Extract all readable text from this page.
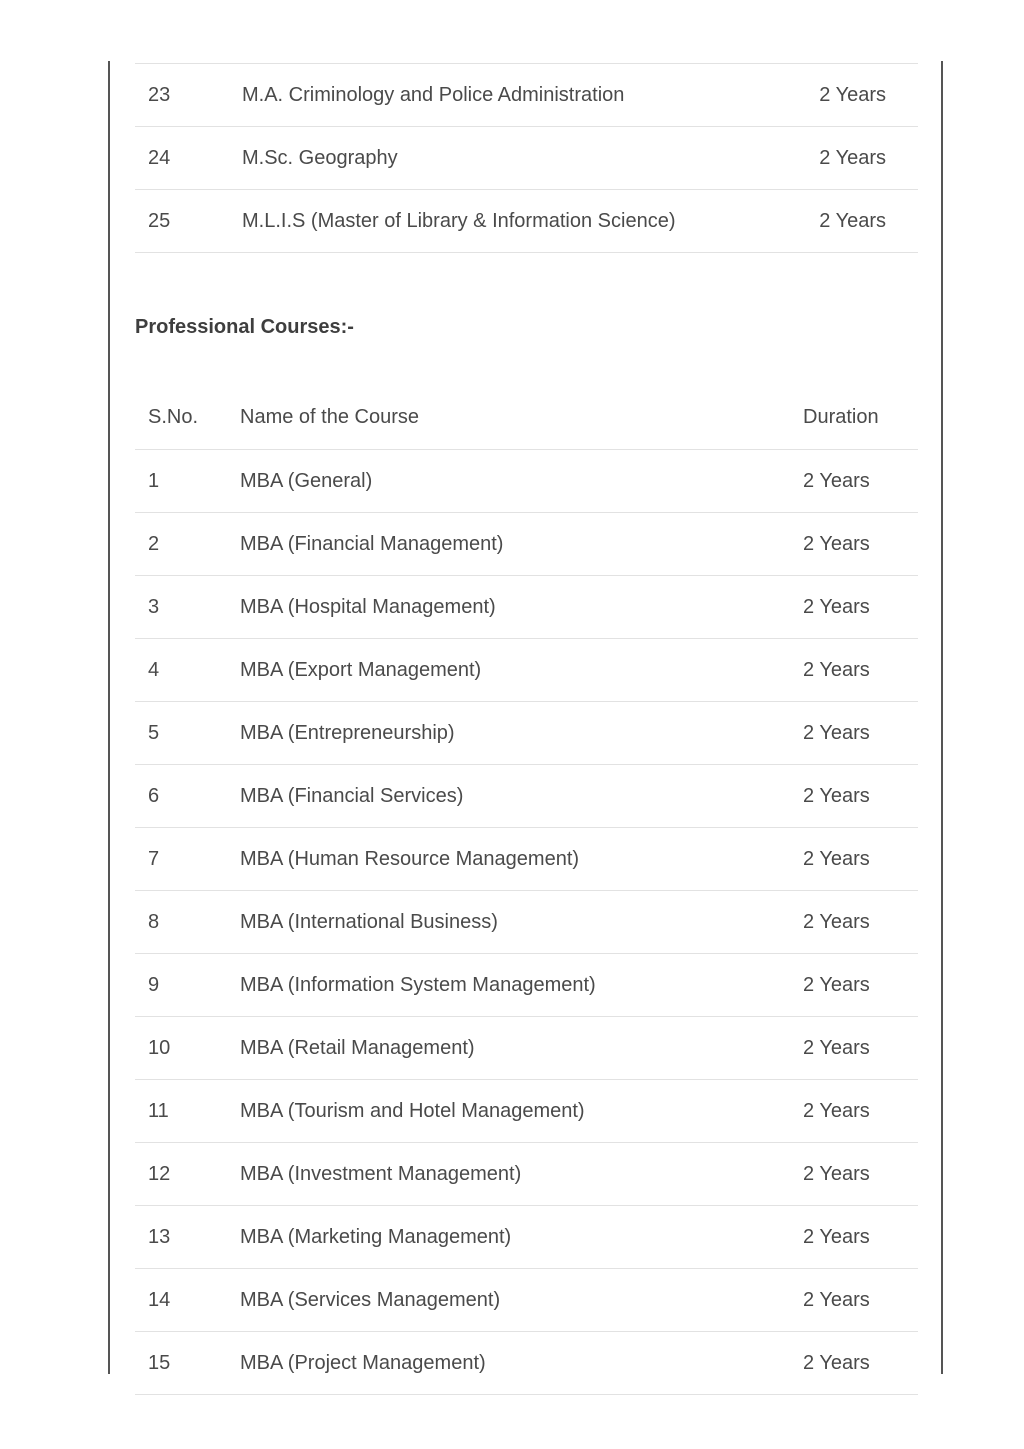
23	M.A. Criminology and Police Administration	2 Years
24	M.Sc. Geography	2 Years
25	M.L.I.S (Master of Library & Information Science)	2 Years
Professional Courses:-
S.No.	Name of the Course	Duration
1	MBA (General)	2 Years
2	MBA (Financial Management)	2 Years
3	MBA (Hospital Management)	2 Years
4	MBA (Export Management)	2 Years
5	MBA (Entrepreneurship)	2 Years
6	MBA (Financial Services)	2 Years
7	MBA (Human Resource Management)	2 Years
8	MBA (International Business)	2 Years
9	MBA (Information System Management)	2 Years
10	MBA (Retail Management)	2 Years
11	MBA (Tourism and Hotel Management)	2 Years
12	MBA (Investment Management)	2 Years
13	MBA (Marketing Management)	2 Years
14	MBA (Services Management)	2 Years
15	MBA (Project Management)	2 Years
